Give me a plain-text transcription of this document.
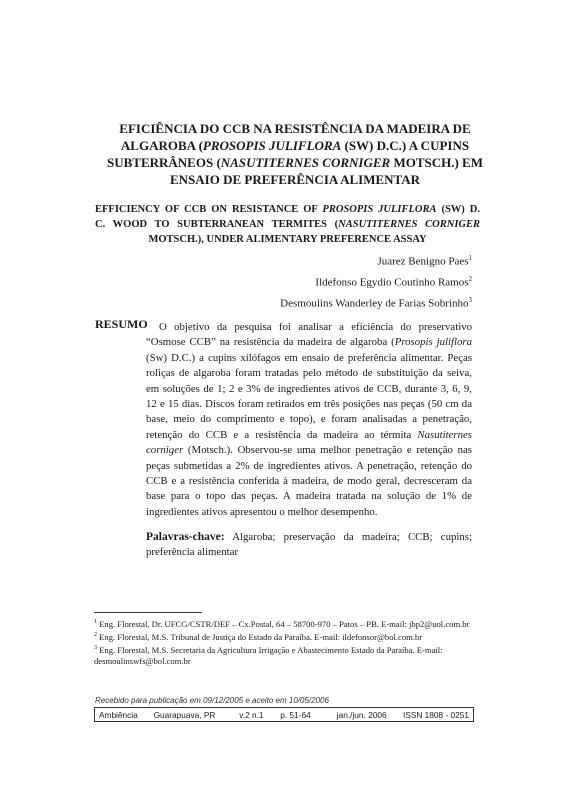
EFICIÊNCIA DO CCB NA RESISTÊNCIA DA MADEIRA DE
ALGAROBA (PROSOPIS JULIFLORA (SW) D.C.) A CUPINS
SUBTERRÂNEOS (NASUTITERNES CORNIGER MOTSCH.) EM
ENSAIO DE PREFERÊNCIA ALIMENTAR
EFFICIENCY OF CCB ON RESISTANCE OF PROSOPIS JULIFLORA (SW) D.
C. WOOD TO SUBTERRANEAN TERMITES (NASUTITERNES CORNIGER
MOTSCH.), UNDER ALIMENTARY PREFERENCE ASSAY
Juarez Benigno Paes$^1$
Ildefonso Egydio Coutinho Ramos$^2$
Desmoulins Wanderley de Farias Sobrinho$^3$
RESUMO	O objetivo da pesquisa foi analisar a eficiência do preservativo “Osmose CCB” na resistência da madeira de algaroba (Prosopis juliflora (Sw) D.C.) a cupins xilófagos em ensaio de preferência alimentar. Peças roliças de algaroba foram tratadas pelo método de substituição da seiva, em soluções de 1; 2 e 3% de ingredientes ativos de CCB, durante 3, 6, 9, 12 e 15 dias. Discos foram retirados em três posições nas peças (50 cm da base, meio do comprimento e topo), e foram analisadas a penetração, retenção do CCB e a resistência da madeira ao térmita Nasutiternes corniger (Motsch.). Observou-se uma melhor penetração e retenção nas peças submetidas a 2% de ingredientes ativos. A penetração, retenção do CCB e a resistência conferida à madeira, de modo geral, decresceram da base para o topo das peças. A madeira tratada na solução de 1% de ingredientes ativos apresentou o melhor desempenho.

Palavras-chave: Algaroba; preservação da madeira; CCB; cupins; preferência alimentar
$^1$ Eng. Florestal, Dr. UFCG/CSTR/DEF – Cx.Postal, 64 – 58700-970 – Patos – PB. E-mail: jbp2@uol.com.br
$^2$ Eng. Florestal, M.S. Tribunal de Justiça do Estado da Paraíba. E-mail: ildefonsor@bol.com.br
$^3$ Eng. Florestal, M.S. Secretaria da Agricultura Irrigação e Abastecimento Estado da Paraíba. E-mail:
desmoulinswfs@bol.com.br
Recebido para publicação em 09/12/2005 e aceito em 10/05/2006
Ambiência	Guarapuava, PR	v.2 n.1	p. 51-64	jan./jun. 2006	ISSN 1808 - 0251
